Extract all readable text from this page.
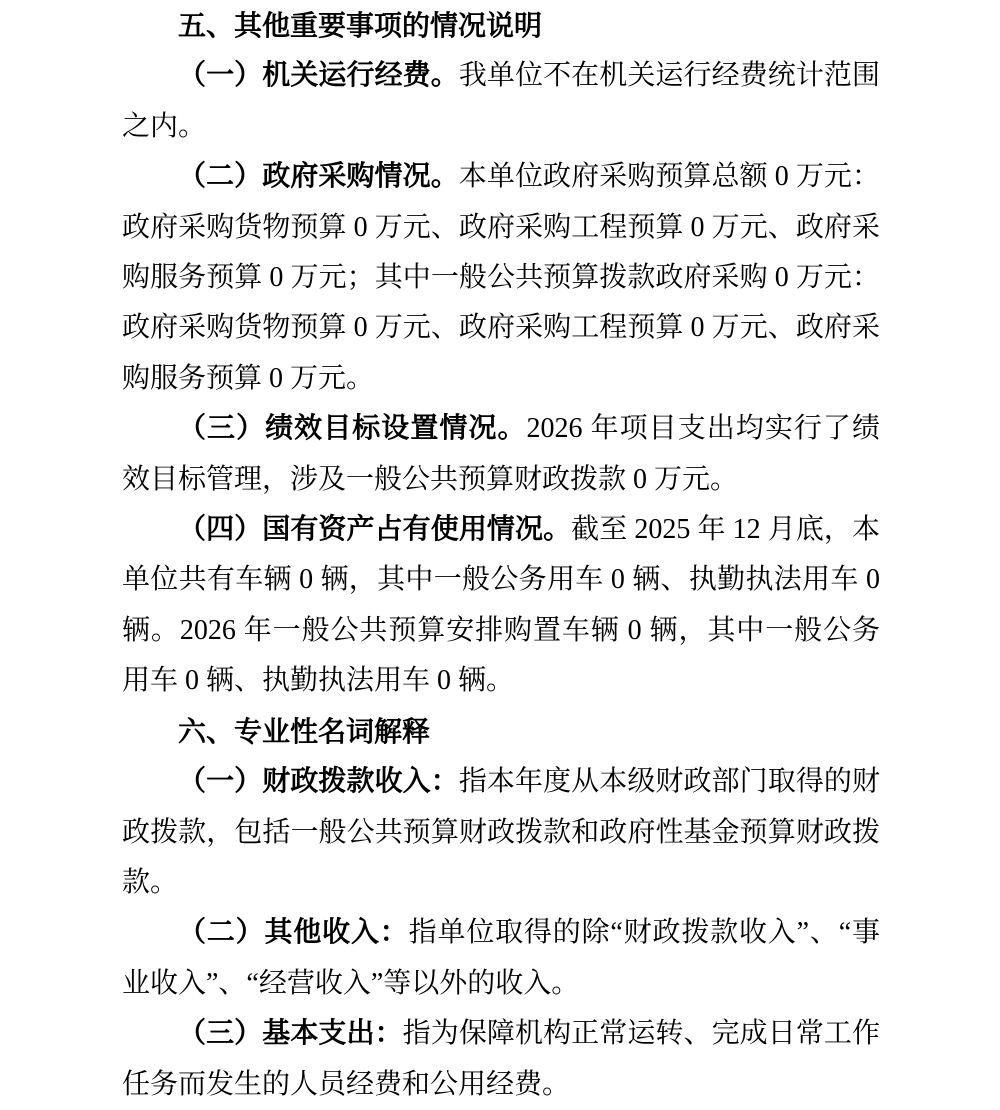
五、其他重要事项的情况说明

（一）机关运行经费。我单位不在机关运行经费统计范围之内。

（二）政府采购情况。本单位政府采购预算总额 0 万元：政府采购货物预算 0 万元、政府采购工程预算 0 万元、政府采购服务预算 0 万元；其中一般公共预算拨款政府采购 0 万元：政府采购货物预算 0 万元、政府采购工程预算 0 万元、政府采购服务预算 0 万元。

（三）绩效目标设置情况。2026 年项目支出均实行了绩效目标管理，涉及一般公共预算财政拨款 0 万元。

（四）国有资产占有使用情况。截至 2025 年 12 月底，本单位共有车辆 0 辆，其中一般公务用车 0 辆、执勤执法用车 0 辆。2026 年一般公共预算安排购置车辆 0 辆，其中一般公务用车 0 辆、执勤执法用车 0 辆。

六、专业性名词解释

（一）财政拨款收入：指本年度从本级财政部门取得的财政拨款，包括一般公共预算财政拨款和政府性基金预算财政拨款。

（二）其他收入：指单位取得的除“财政拨款收入”、“事业收入”、“经营收入”等以外的收入。

（三）基本支出：指为保障机构正常运转、完成日常工作任务而发生的人员经费和公用经费。
